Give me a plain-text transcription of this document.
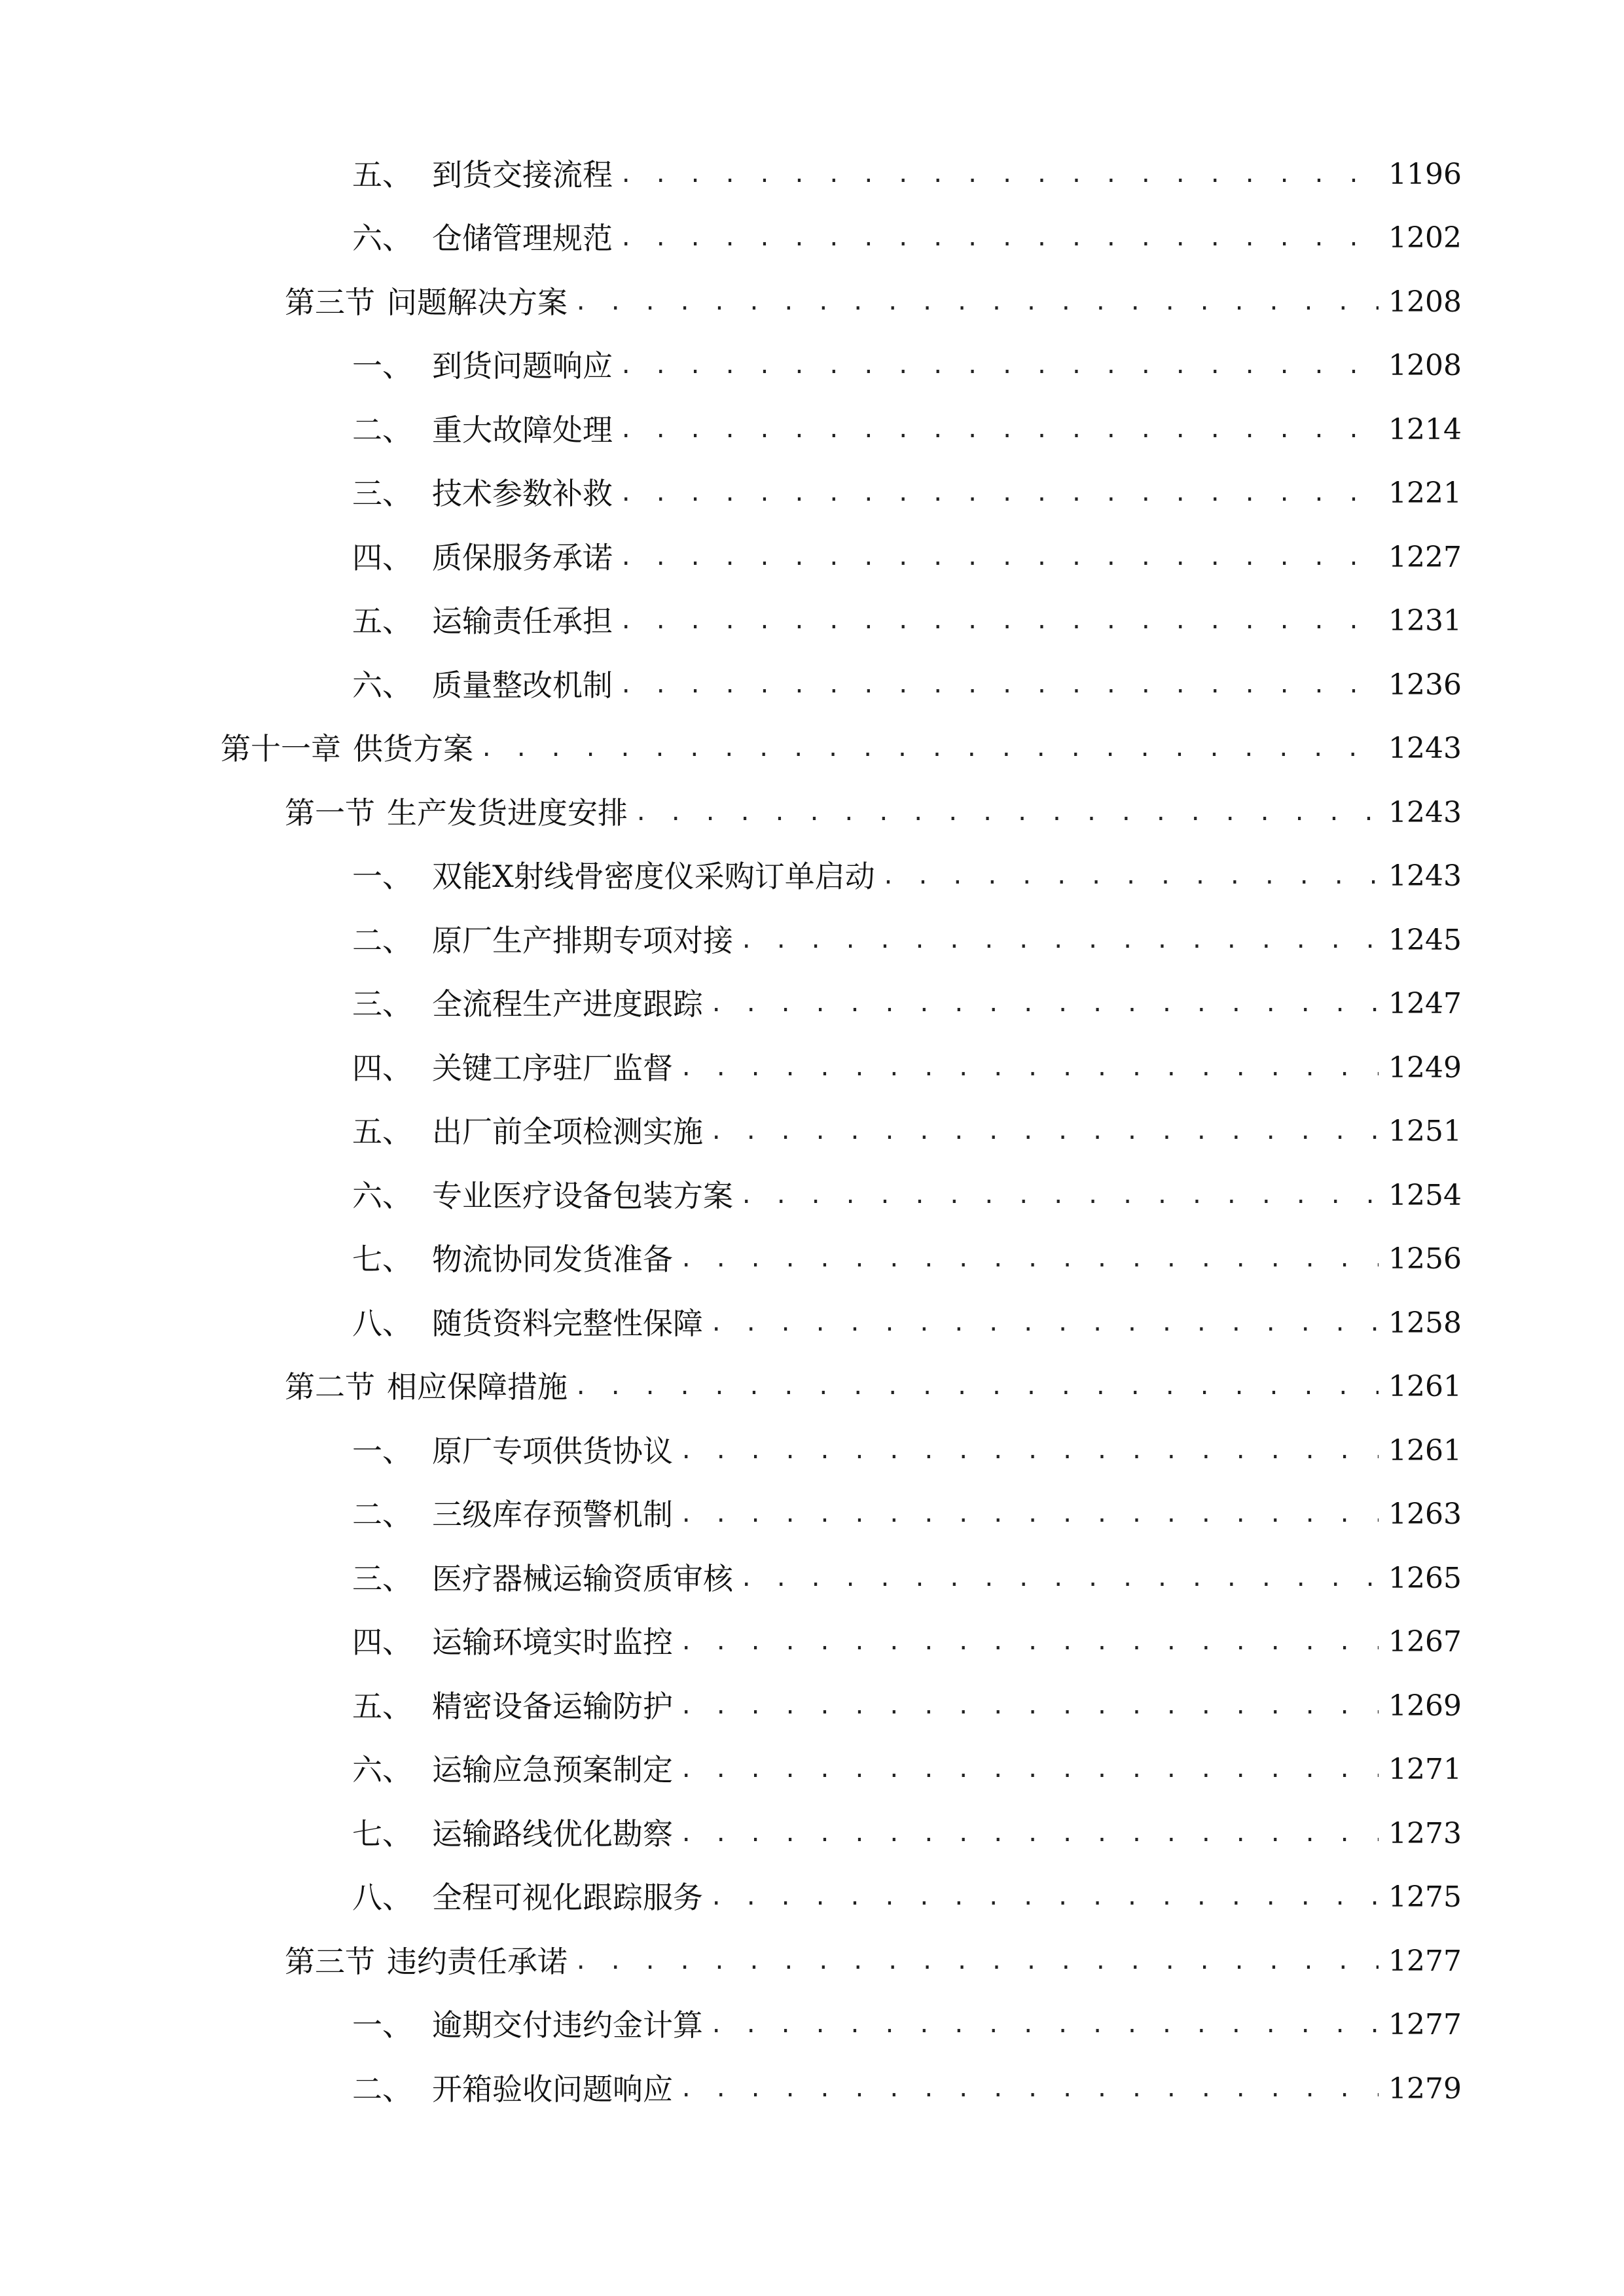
五、 到货交接流程 . . .	1196
六、 仓储管理规范 . . .	1202
第三节 问题解决方案 . . .	1208
一、 到货问题响应 . . .	1208
二、 重大故障处理 . . .	1214
三、 技术参数补救 . . .	1221
四、 质保服务承诺 . . .	1227
五、 运输责任承担 . . .	1231
六、 质量整改机制 . . .	1236
第十一章 供货方案 . . .	1243
第一节 生产发货进度安排 . . .	1243
一、 双能X射线骨密度仪采购订单启动 . . .	1243
二、 原厂生产排期专项对接 . . .	1245
三、 全流程生产进度跟踪 . . .	1247
四、 关键工序驻厂监督 . . .	1249
五、 出厂前全项检测实施 . . .	1251
六、 专业医疗设备包装方案 . . .	1254
七、 物流协同发货准备 . . .	1256
八、 随货资料完整性保障 . . .	1258
第二节 相应保障措施 . . .	1261
一、 原厂专项供货协议 . . .	1261
二、 三级库存预警机制 . . .	1263
三、 医疗器械运输资质审核 . . .	1265
四、 运输环境实时监控 . . .	1267
五、 精密设备运输防护 . . .	1269
六、 运输应急预案制定 . . .	1271
七、 运输路线优化勘察 . . .	1273
八、 全程可视化跟踪服务 . . .	1275
第三节 违约责任承诺 . . .	1277
一、 逾期交付违约金计算 . . .	1277
二、 开箱验收问题响应 . . .	1279
